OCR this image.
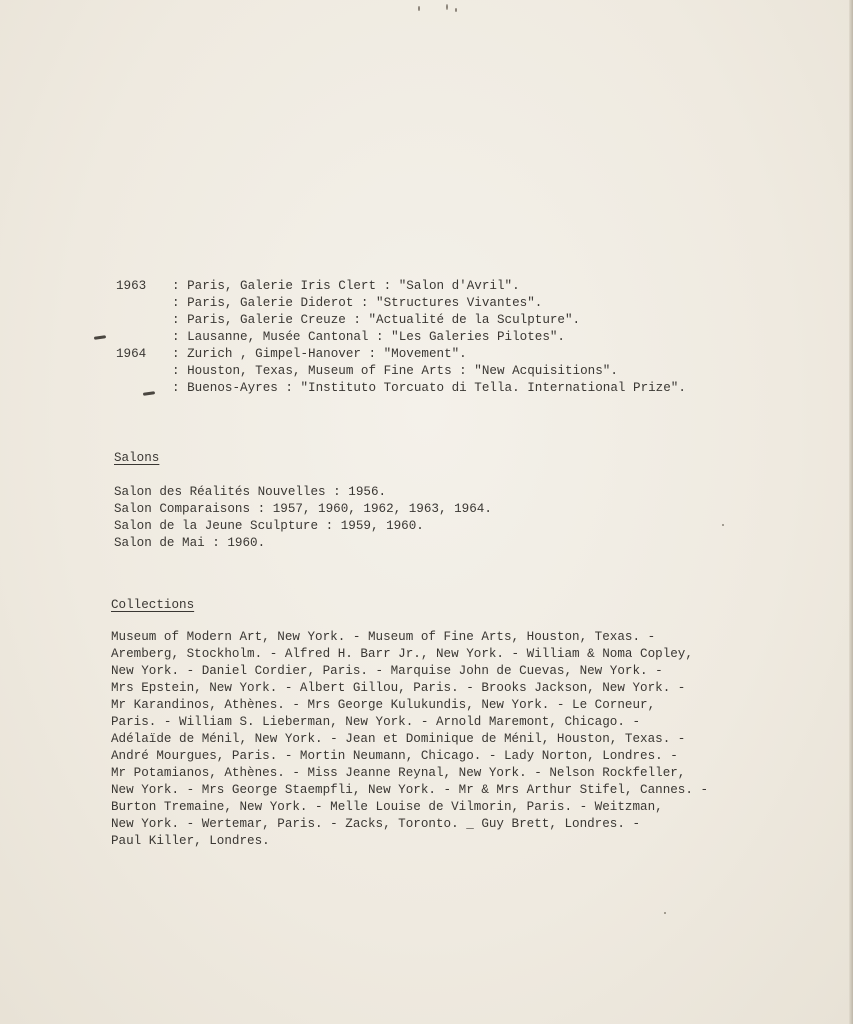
1963 : Paris, Galerie Iris Clert : "Salon d'Avril".
: Paris, Galerie Diderot : "Structures Vivantes".
: Paris, Galerie Creuze : "Actualité de la Sculpture".
: Lausanne, Musée Cantonal : "Les Galeries Pilotes".
1964 : Zurich , Gimpel-Hanover : "Movement".
: Houston, Texas, Museum of Fine Arts : "New Acquisitions".
: Buenos-Ayres : "Instituto Torcuato di Tella. International Prize".
Salons
Salon des Réalités Nouvelles : 1956.
Salon Comparaisons : 1957, 1960, 1962, 1963, 1964.
Salon de la Jeune Sculpture : 1959, 1960.
Salon de Mai : 1960.
Collections
Museum of Modern Art, New York. - Museum of Fine Arts, Houston, Texas. -
Aremberg, Stockholm. - Alfred H. Barr Jr., New York. - William & Noma Copley,
New York. - Daniel Cordier, Paris. - Marquise John de Cuevas, New York. -
Mrs Epstein, New York. - Albert Gillou, Paris. - Brooks Jackson, New York. -
Mr Karandinos, Athènes. - Mrs George Kulukundis, New York. - Le Corneur,
Paris. - William S. Lieberman, New York. - Arnold Maremont, Chicago. -
Adélaïde de Ménil, New York. - Jean et Dominique de Ménil, Houston, Texas. -
André Mourgues, Paris. - Mortin Neumann, Chicago. - Lady Norton, Londres. -
Mr Potamianos, Athènes. - Miss Jeanne Reynal, New York. - Nelson Rockfeller,
New York. - Mrs George Staempfli, New York. - Mr & Mrs Arthur Stifel, Cannes. -
Burton Tremaine, New York. - Melle Louise de Vilmorin, Paris. - Weitzman,
New York. - Wertemar, Paris. - Zacks, Toronto. _ Guy Brett, Londres. -
Paul Killer, Londres.
